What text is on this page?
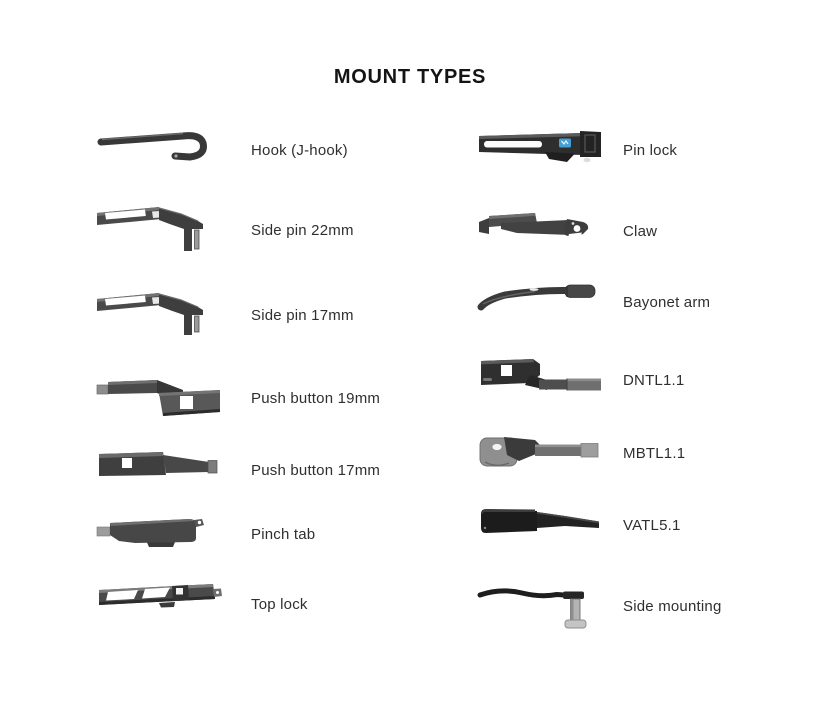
MOUNT TYPES
Hook (J-hook)
Side pin 22mm
Side pin 17mm
Push button 19mm
Push button 17mm
Pinch tab
Top lock
Pin lock
Claw
Bayonet arm
DNTL1.1
MBTL1.1
VATL5.1
Side mounting
